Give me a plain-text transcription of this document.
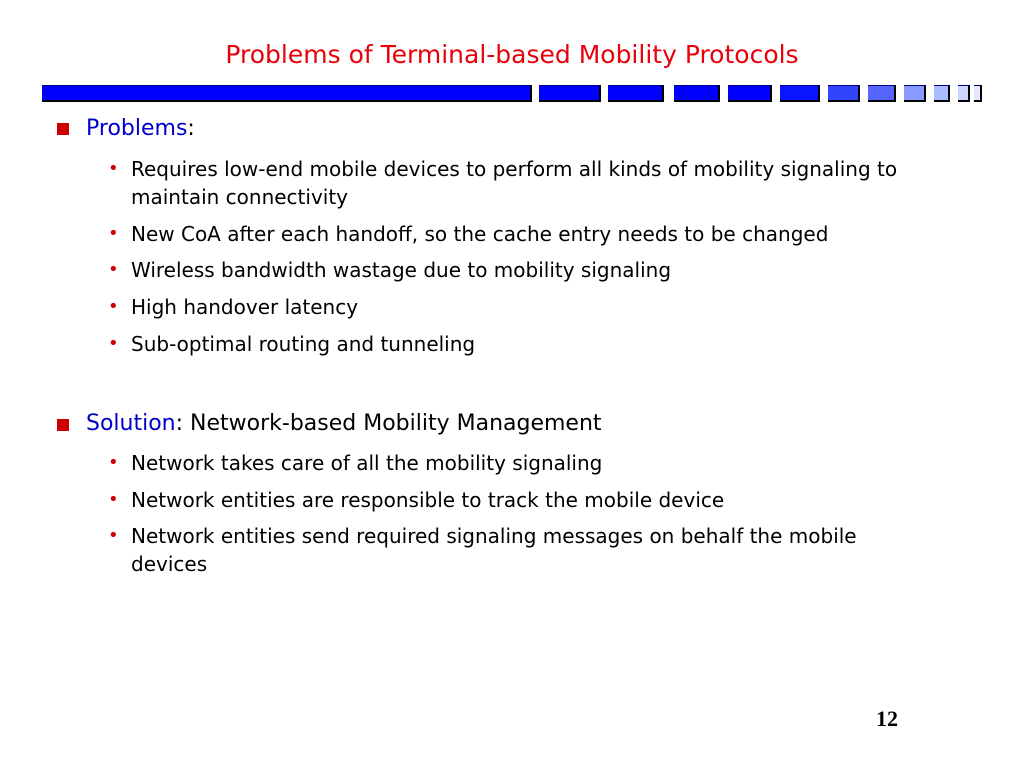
Problems of Terminal-based Mobility Protocols
Problems:
• Requires low-end mobile devices to perform all kinds of mobility signaling to maintain connectivity
• New CoA after each handoff, so the cache entry needs to be changed
• Wireless bandwidth wastage due to mobility signaling
• High handover latency
• Sub-optimal routing and tunneling
Solution: Network-based Mobility Management
• Network takes care of all the mobility signaling
• Network entities are responsible to track the mobile device
• Network entities send required signaling messages on behalf the mobile devices
12
